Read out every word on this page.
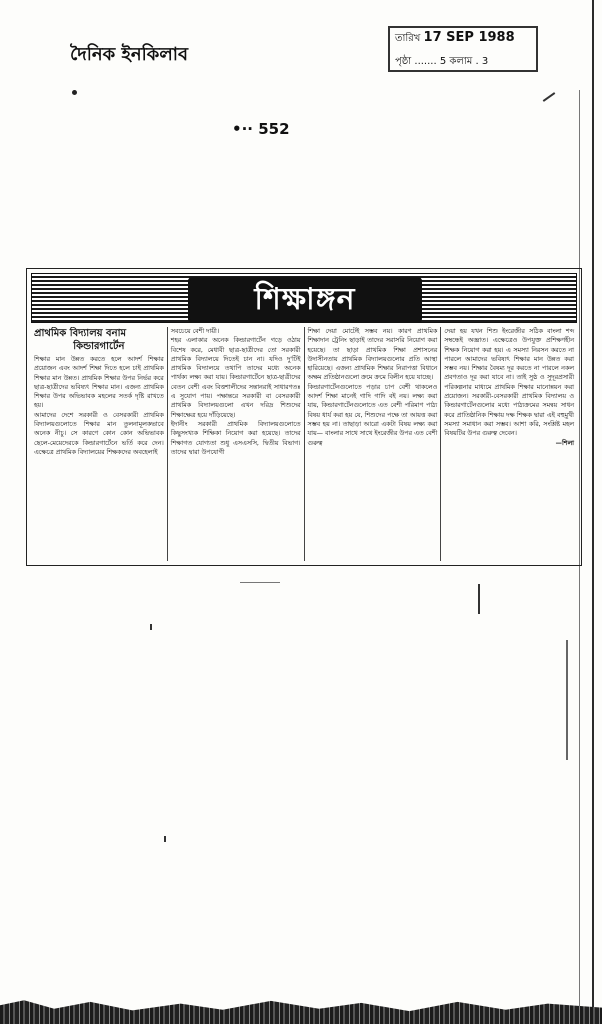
দৈনিক ইনকিলাব
তারিখ 17 SEP 1988
পৃষ্ঠা ....... 5 কলাম . 3
•·· 552
শিক্ষাঙ্গন
প্রাথমিক বিদ্যালয় বনাম
কিন্ডারগার্টেন

শিক্ষার মান উন্নত করতে হলে আদর্শ শিক্ষার প্রয়োজন এবং আদর্শ শিক্ষা দিতে হলে চাই প্রাথমিক শিক্ষার মান উন্নত। প্রাথমিক শিক্ষার উপর নির্ভর করে ছাত্র-ছাত্রীদের ভবিষ্যৎ শিক্ষার মান। এজন্য প্রাথমিক শিক্ষার উপর অভিভাবক মহলের সতর্ক দৃষ্টি রাখতে হয়।

আমাদের দেশে সরকারী ও বেসরকারী প্রাথমিক বিদ্যালয়গুলোতে শিক্ষার মান তুলনামূলকভাবে অনেক নীচু। সে কারণে কোন কোন অভিভাবক ছেলে-মেয়েদেরকে কিন্ডারগার্টেনে ভর্তি করে দেন। এক্ষেত্রে প্রাথমিক বিদ্যালয়ের শিক্ষকদের অবহেলাই

সবচেয়ে বেশী দায়ী।

শহর এলাকার অনেক কিন্ডারগার্টেন গড়ে ওঠায় বিশেষ করে, মেধাবী ছাত্র-ছাত্রীদের তো সরকারী প্রাথমিক বিদ্যালয়ে দিতেই চান না। যদিও দু'টিই প্রাথমিক বিদ্যালয়ে তথাপি তাদের মধ্যে অনেক পার্থক্য লক্ষ্য করা যায়। কিন্ডারগার্টেনে ছাত্র-ছাত্রীদের বেতন বেশী এবং বিত্তশালীদের সন্তানরাই সাধারণতঃ এ সুযোগ পায়। পক্ষান্তরে সরকারী বা বেসরকারী প্রাথমিক বিদ্যালয়গুলো এখন দরিদ্র শিশুদের শিক্ষাক্ষেত্র হয়ে দাঁড়িয়েছে।

ইদানীং সরকারী প্রাথমিক বিদ্যালয়গুলোতে কিছুসংখ্যক শিক্ষিকা নিয়োগ করা হয়েছে। তাদের শিক্ষাগত যোগ্যতা শুধু এসএসসি, দ্বিতীয় বিভাগ। তাদের দ্বারা উপযোগী

শিক্ষা দেয়া মোটেই সম্ভব নয়। কারণ প্রাথমিক শিক্ষাদান ট্রেনিং ছাড়াই তাদের সরাসরি নিয়োগ করা হয়েছে। তা ছাড়া প্রাথমিক শিক্ষা প্রশাসনের উদাসীনতায় প্রাথমিক বিদ্যালয়গুলোর প্রতি আস্থা হারিয়েছে। এজন্য প্রাথমিক শিক্ষার নিরাপত্তা বিধানে অক্ষম প্রতিষ্ঠানগুলো ক্রমে ক্রমে বিলীন হয়ে যাচ্ছে।

কিন্ডারগার্টেনগুলোতে পড়ার চাপ বেশী থাকলেও আদর্শ শিক্ষা মানেই গাদি গাদি বই নয়। লক্ষ্য করা যায়, কিন্ডারগার্টেনগুলোতে এত বেশী পরিমাণ পাঠ্য বিষয় ধার্য করা হয় যে, শিশুদের পক্ষে তা আয়ত্ত করা সম্ভব হয় না। তাছাড়া আরো একটা বিষয় লক্ষ্য করা যায়— বাংলার সাথে সাথে ইংরেজীর উপর এত বেশী গুরুত্ব

দেয়া হয় যখন শিশু ইংরেজীর সঠিক বাংলা শব্দ সম্বন্ধেই অজ্ঞাত। এক্ষেত্রেও উপযুক্ত প্রশিক্ষণহীন শিক্ষক নিয়োগ করা হয়। এ সমস্যা নিরসন করতে না পারলে আমাদের ভবিষ্যৎ শিক্ষার মান উন্নত করা সম্ভব নয়। শিক্ষার বৈষম্য দূর করতে না পারলে নকল প্রবণতাও দূর করা যাবে না। তাই সুষ্ঠ ও সুদূরপ্রসারী পরিকল্পনার মাধ্যমে প্রাথমিক শিক্ষার মানোন্নয়ন করা প্রয়োজন। সরকারী-বেসরকারী প্রাথমিক বিদ্যালয় ও কিন্ডারগার্টেনগুলোর মধ্যে পাঠ্যক্রমের সমন্বয় সাধন করে প্রাতিষ্ঠানিক শিক্ষায় দক্ষ শিক্ষক দ্বারা এই বহুমুখী সমস্যা সমাধান করা সম্ভব। আশা করি, সংশ্লিষ্ট মহল বিষয়টির উপর গুরুত্ব দেবেন।

—শিলা
